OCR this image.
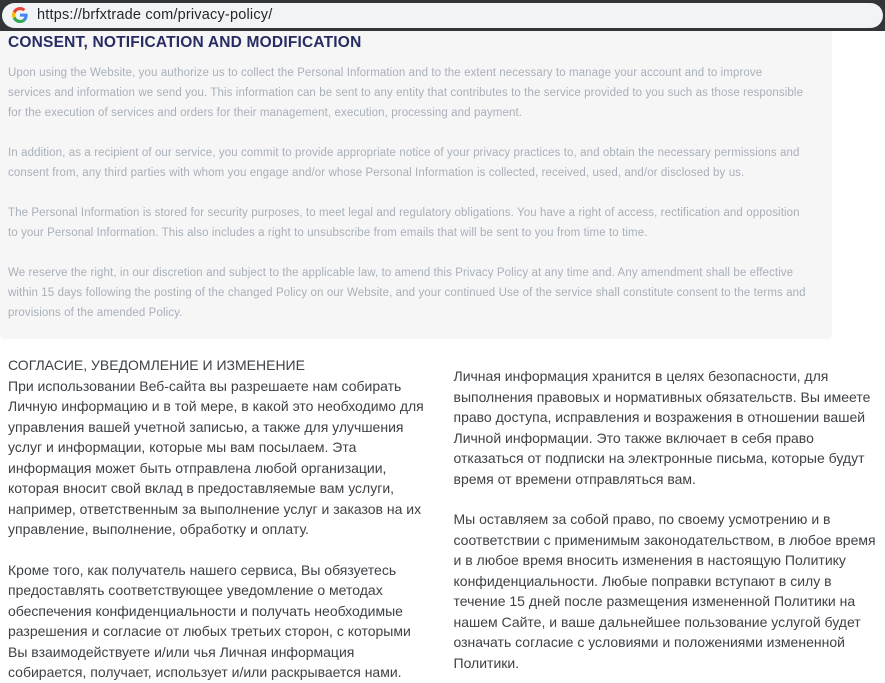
https://brfxtrade com/privacy-policy/
CONSENT, NOTIFICATION AND MODIFICATION

Upon using the Website, you authorize us to collect the Personal Information and to the extent necessary to manage your account and to improve services and information we send you. This information can be sent to any entity that contributes to the service provided to you such as those responsible for the execution of services and orders for their management, execution, processing and payment.

In addition, as a recipient of our service, you commit to provide appropriate notice of your privacy practices to, and obtain the necessary permissions and consent from, any third parties with whom you engage and/or whose Personal Information is collected, received, used, and/or disclosed by us.

The Personal Information is stored for security purposes, to meet legal and regulatory obligations. You have a right of access, rectification and opposition to your Personal Information. This also includes a right to unsubscribe from emails that will be sent to you from time to time.

We reserve the right, in our discretion and subject to the applicable law, to amend this Privacy Policy at any time and. Any amendment shall be effective within 15 days following the posting of the changed Policy on our Website, and your continued Use of the service shall constitute consent to the terms and provisions of the amended Policy.

СОГЛАСИЕ, УВЕДОМЛЕНИЕ И ИЗМЕНЕНИЕ

При использовании Веб-сайта вы разрешаете нам собирать Личную информацию и в той мере, в какой это необходимо для управления вашей учетной записью, а также для улучшения услуг и информации, которые мы вам посылаем. Эта информация может быть отправлена любой организации, которая вносит свой вклад в предоставляемые вам услуги, например, ответственным за выполнение услуг и заказов на их управление, выполнение, обработку и оплату.

Кроме того, как получатель нашего сервиса, Вы обязуетесь предоставлять соответствующее уведомление о методах обеспечения конфиденциальности и получать необходимые разрешения и согласие от любых третьих сторон, с которыми Вы взаимодействуете и/или чья Личная информация собирается, получает, использует и/или раскрывается нами.

Личная информация хранится в целях безопасности, для выполнения правовых и нормативных обязательств. Вы имеете право доступа, исправления и возражения в отношении вашей Личной информации. Это также включает в себя право отказаться от подписки на электронные письма, которые будут время от времени отправляться вам.

Мы оставляем за собой право, по своему усмотрению и в соответствии с применимым законодательством, в любое время и в любое время вносить изменения в настоящую Политику конфиденциальности. Любые поправки вступают в силу в течение 15 дней после размещения измененной Политики на нашем Сайте, и ваше дальнейшее пользование услугой будет означать согласие с условиями и положениями измененной Политики.
